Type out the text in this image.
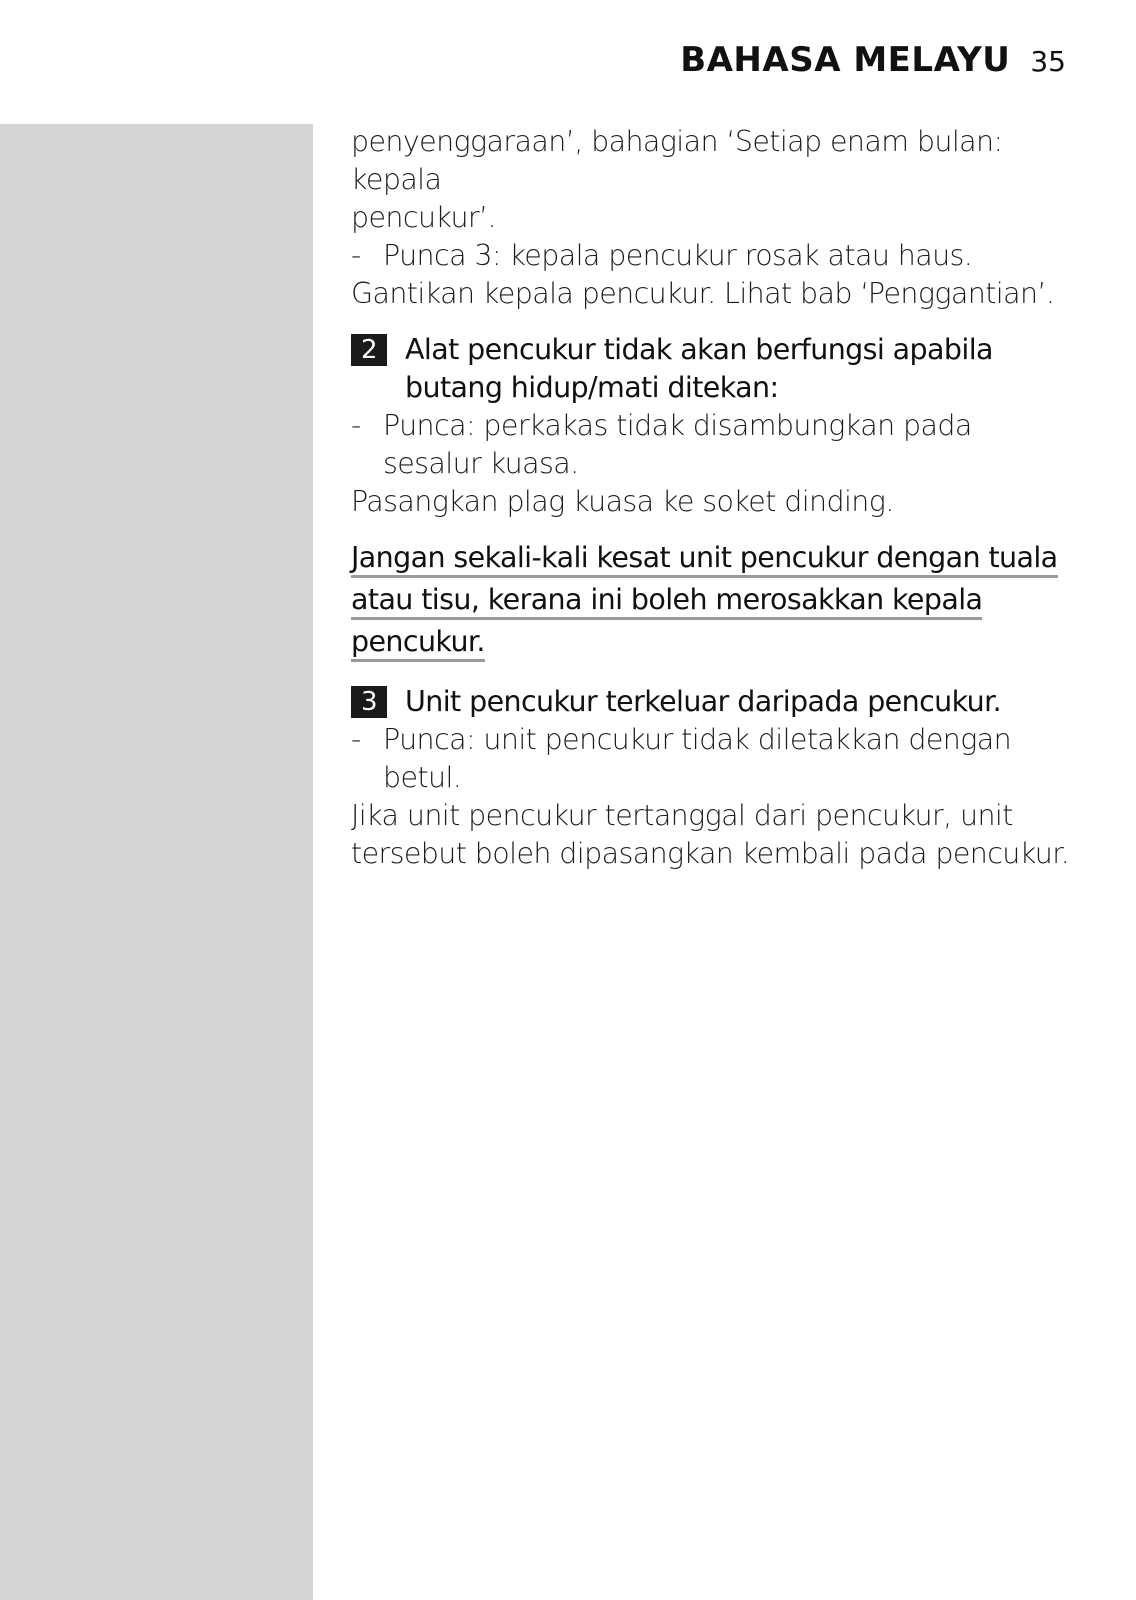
BAHASA MELAYU 35

penyenggaraan’, bahagian ‘Setiap enam bulan: kepala

pencukur’.

- Punca 3: kepala pencukur rosak atau haus.

Gantikan kepala pencukur. Lihat bab ‘Penggantian’.

2 Alat pencukur tidak akan berfungsi apabila butang hidup/mati ditekan:
- Punca: perkakas tidak disambungkan pada sesalur kuasa.

Pasangkan plag kuasa ke soket dinding.

Jangan sekali-kali kesat unit pencukur dengan tuala
atau tisu, kerana ini boleh merosakkan kepala
pencukur.
3 Unit pencukur terkeluar daripada pencukur.
- Punca: unit pencukur tidak diletakkan dengan betul.

Jika unit pencukur tertanggal dari pencukur, unit

tersebut boleh dipasangkan kembali pada pencukur.
